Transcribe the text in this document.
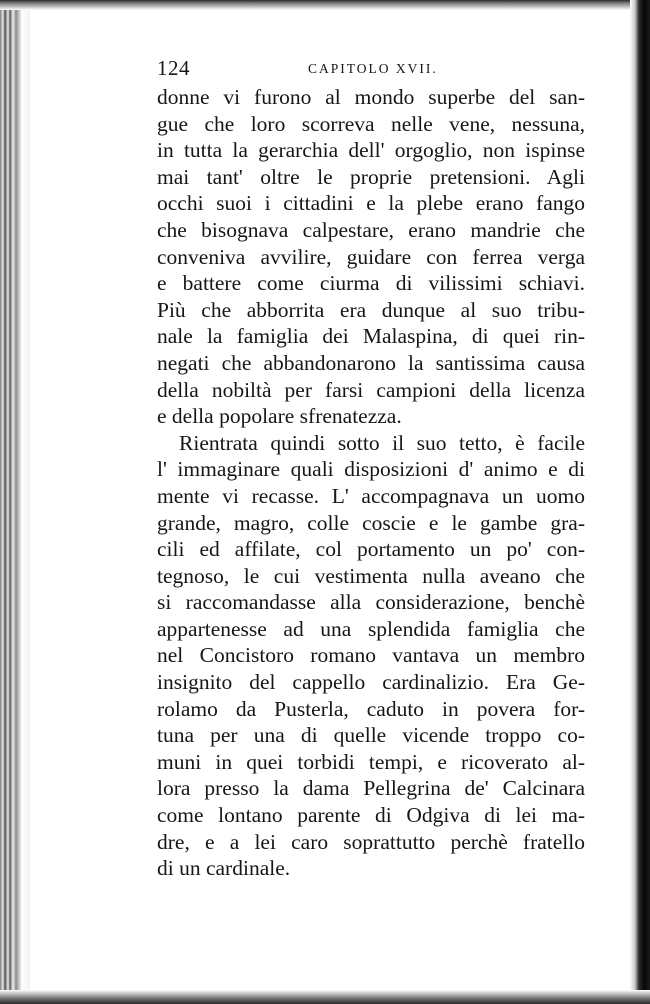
124	CAPITOLO XVII.

donne vi furono al mondo superbe del san-
gue che loro scorreva nelle vene, nessuna,
in tutta la gerarchia dell' orgoglio, non ispinse
mai tant' oltre le proprie pretensioni. Agli
occhi suoi i cittadini e la plebe erano fango
che bisognava calpestare, erano mandrie che
conveniva avvilire, guidare con ferrea verga
e battere come ciurma di vilissimi schiavi.
Più che abborrita era dunque al suo tribu-
nale la famiglia dei Malaspina, di quei rin-
negati che abbandonarono la santissima causa
della nobiltà per farsi campioni della licenza
e della popolare sfrenatezza.

Rientrata quindi sotto il suo tetto, è facile
l' immaginare quali disposizioni d' animo e di
mente vi recasse. L' accompagnava un uomo
grande, magro, colle coscie e le gambe gra-
cili ed affilate, col portamento un po' con-
tegnoso, le cui vestimenta nulla aveano che
si raccomandasse alla considerazione, benchè
appartenesse ad una splendida famiglia che
nel Concistoro romano vantava un membro
insignito del cappello cardinalizio. Era Ge-
rolamo da Pusterla, caduto in povera for-
tuna per una di quelle vicende troppo co-
muni in quei torbidi tempi, e ricoverato al-
lora presso la dama Pellegrina de' Calcinara
come lontano parente di Odgiva di lei ma-
dre, e a lei caro soprattutto perchè fratello
di un cardinale.
